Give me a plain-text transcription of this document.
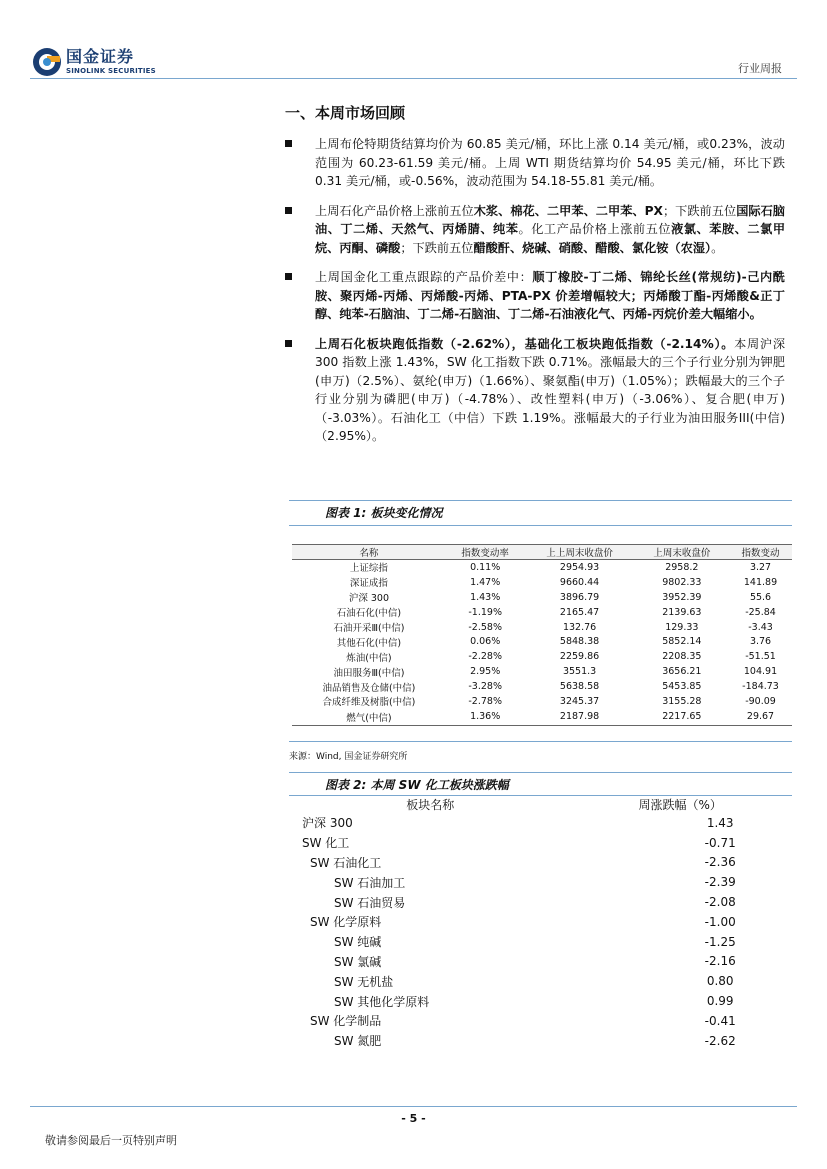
国金证券
SINOLINK SECURITIES	行业周报
一、本周市场回顾
上周布伦特期货结算均价为 60.85 美元/桶，环比上涨 0.14 美元/桶，或0.23%，波动范围为 60.23-61.59 美元/桶。上周 WTI 期货结算均价 54.95 美元/桶，环比下跌 0.31 美元/桶，或-0.56%，波动范围为 54.18-55.81 美元/桶。
上周石化产品价格上涨前五位木浆、棉花、二甲苯、二甲苯、PX；下跌前五位国际石脑油、丁二烯、天然气、丙烯腈、纯苯。化工产品价格上涨前五位液氯、苯胺、二氯甲烷、丙酮、磷酸；下跌前五位醋酸酐、烧碱、硝酸、醋酸、氯化铵（农湿）。
上周国金化工重点跟踪的产品价差中：顺丁橡胶-丁二烯、锦纶长丝(常规纺)-己内酰胺、聚丙烯-丙烯、丙烯酸-丙烯、PTA-PX 价差增幅较大；丙烯酸丁酯-丙烯酸&正丁醇、纯苯-石脑油、丁二烯-石脑油、丁二烯-石油液化气、丙烯-丙烷价差大幅缩小。
上周石化板块跑低指数（-2.62%），基础化工板块跑低指数（-2.14%）。本周沪深 300 指数上涨 1.43%，SW 化工指数下跌 0.71%。涨幅最大的三个子行业分别为钾肥(申万)（2.5%）、氨纶(申万)（1.66%）、聚氨酯(申万)（1.05%）；跌幅最大的三个子行业分别为磷肥(申万)（-4.78%）、改性塑料(申万)（-3.06%）、复合肥(申万)（-3.03%）。石油化工（中信）下跌 1.19%。涨幅最大的子行业为油田服务III(中信)（2.95%）。
图表 1: 板块变化情况
名称	指数变动率	上上周末收盘价	上周末收盘价	指数变动
上证综指	0.11%	2954.93	2958.2	3.27
深证成指	1.47%	9660.44	9802.33	141.89
沪深 300	1.43%	3896.79	3952.39	55.6
石油石化(中信)	-1.19%	2165.47	2139.63	-25.84
石油开采Ⅲ(中信)	-2.58%	132.76	129.33	-3.43
其他石化(中信)	0.06%	5848.38	5852.14	3.76
炼油(中信)	-2.28%	2259.86	2208.35	-51.51
油田服务Ⅲ(中信)	2.95%	3551.3	3656.21	104.91
油品销售及仓储(中信)	-3.28%	5638.58	5453.85	-184.73
合成纤维及树脂(中信)	-2.78%	3245.37	3155.28	-90.09
燃气(中信)	1.36%	2187.98	2217.65	29.67
来源：Wind, 国金证券研究所
图表 2: 本周 SW 化工板块涨跌幅
板块名称	周涨跌幅（%）
沪深 300	1.43
SW 化工	-0.71
SW 石油化工	-2.36
SW 石油加工	-2.39
SW 石油贸易	-2.08
SW 化学原料	-1.00
SW 纯碱	-1.25
SW 氯碱	-2.16
SW 无机盐	0.80
SW 其他化学原料	0.99
SW 化学制品	-0.41
SW 氮肥	-2.62
- 5 -
敬请参阅最后一页特别声明
